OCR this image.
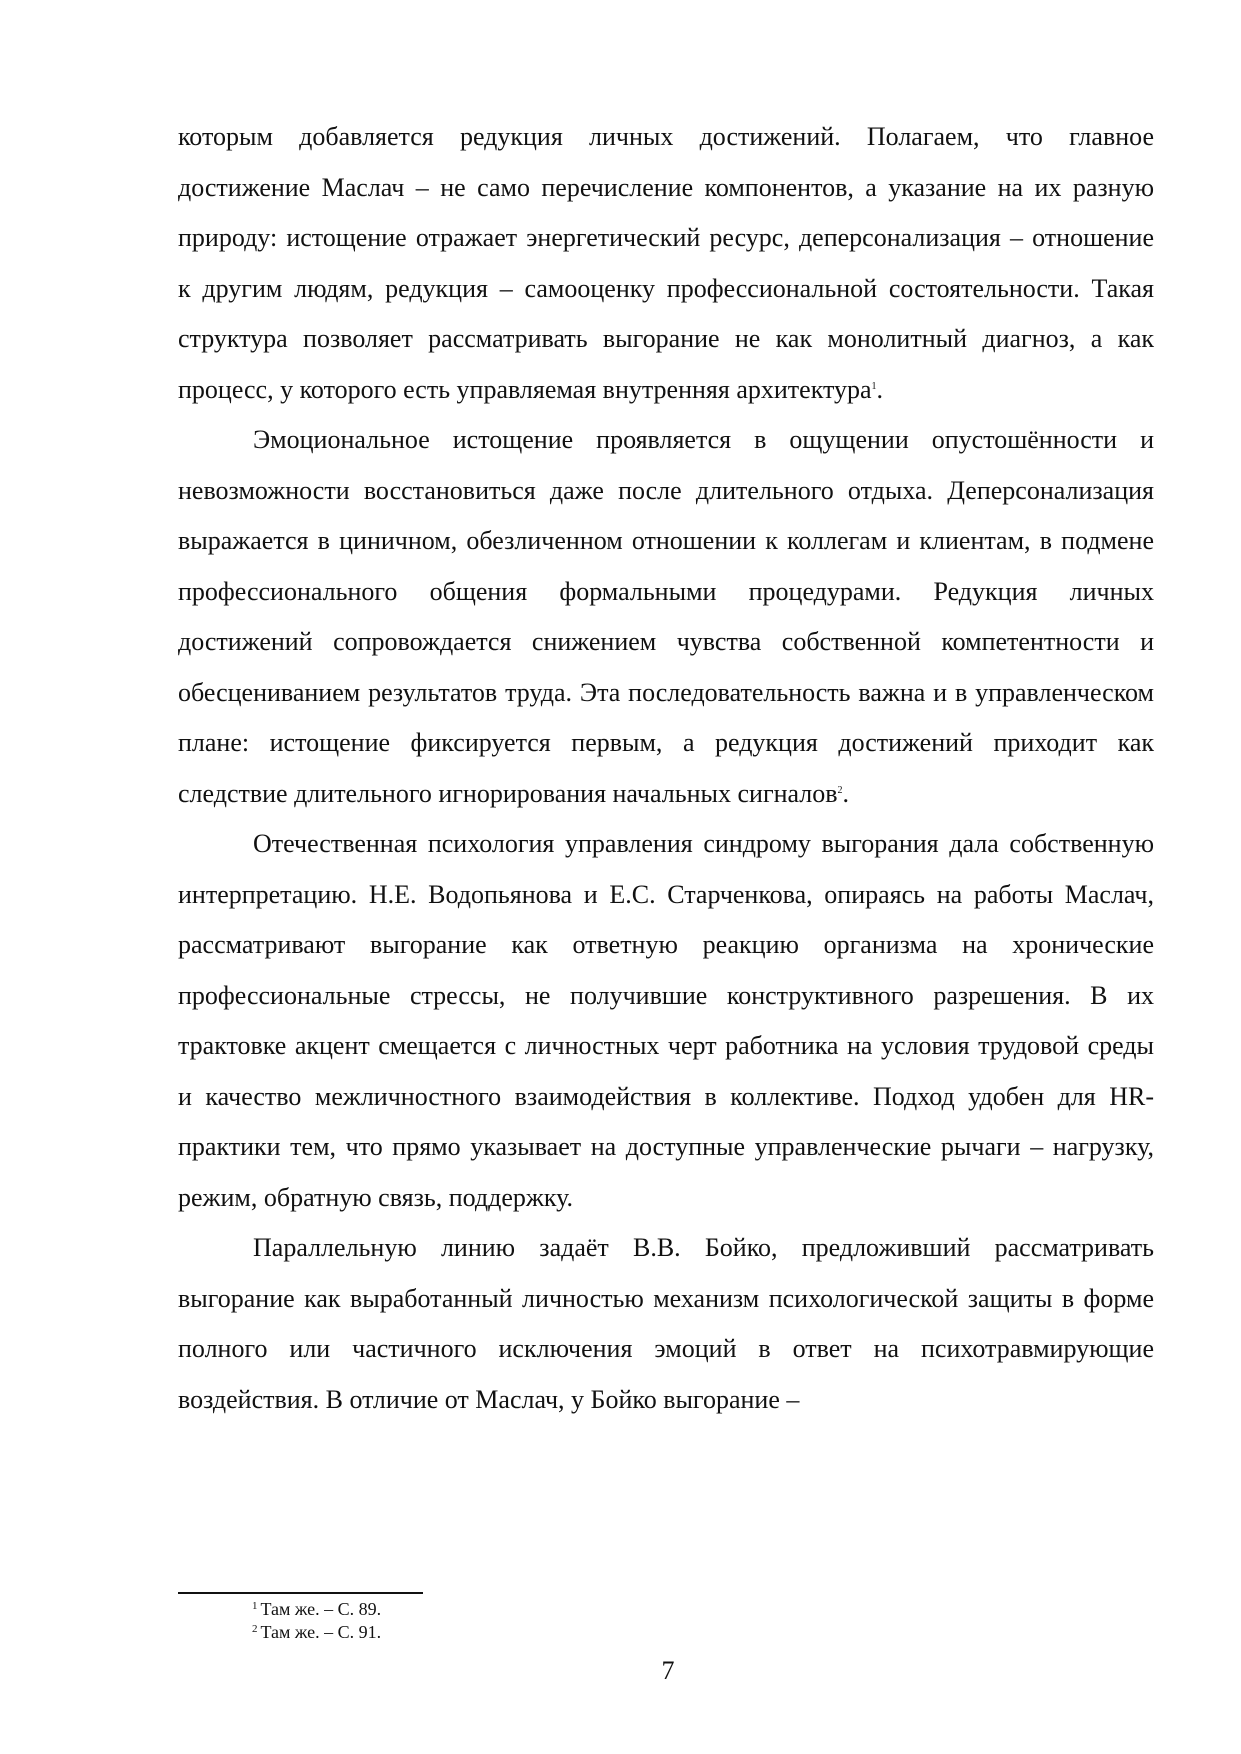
которым добавляется редукция личных достижений. Полагаем, что главное достижение Маслач – не само перечисление компонентов, а указание на их разную природу: истощение отражает энергетический ресурс, деперсонализация – отношение к другим людям, редукция – самооценку профессиональной состоятельности. Такая структура позволяет рассматривать выгорание не как монолитный диагноз, а как процесс, у которого есть управляемая внутренняя архитектура$^1$.

Эмоциональное истощение проявляется в ощущении опустошённости и невозможности восстановиться даже после длительного отдыха. Деперсонализация выражается в циничном, обезличенном отношении к коллегам и клиентам, в подмене профессионального общения формальными процедурами. Редукция личных достижений сопровождается снижением чувства собственной компетентности и обесцениванием результатов труда. Эта последовательность важна и в управленческом плане: истощение фиксируется первым, а редукция достижений приходит как следствие длительного игнорирования начальных сигналов$^2$.

Отечественная психология управления синдрому выгорания дала собственную интерпретацию. Н.Е. Водопьянова и Е.С. Старченкова, опираясь на работы Маслач, рассматривают выгорание как ответную реакцию организма на хронические профессиональные стрессы, не получившие конструктивного разрешения. В их трактовке акцент смещается с личностных черт работника на условия трудовой среды и качество межличностного взаимодействия в коллективе. Подход удобен для HR-практики тем, что прямо указывает на доступные управленческие рычаги – нагрузку, режим, обратную связь, поддержку.

Параллельную линию задаёт В.В. Бойко, предложивший рассматривать выгорание как выработанный личностью механизм психологической защиты в форме полного или частичного исключения эмоций в ответ на психотравмирующие воздействия. В отличие от Маслач, у Бойко выгорание –

$^1$ Там же. – С. 89.
$^2$ Там же. – С. 91.
7
